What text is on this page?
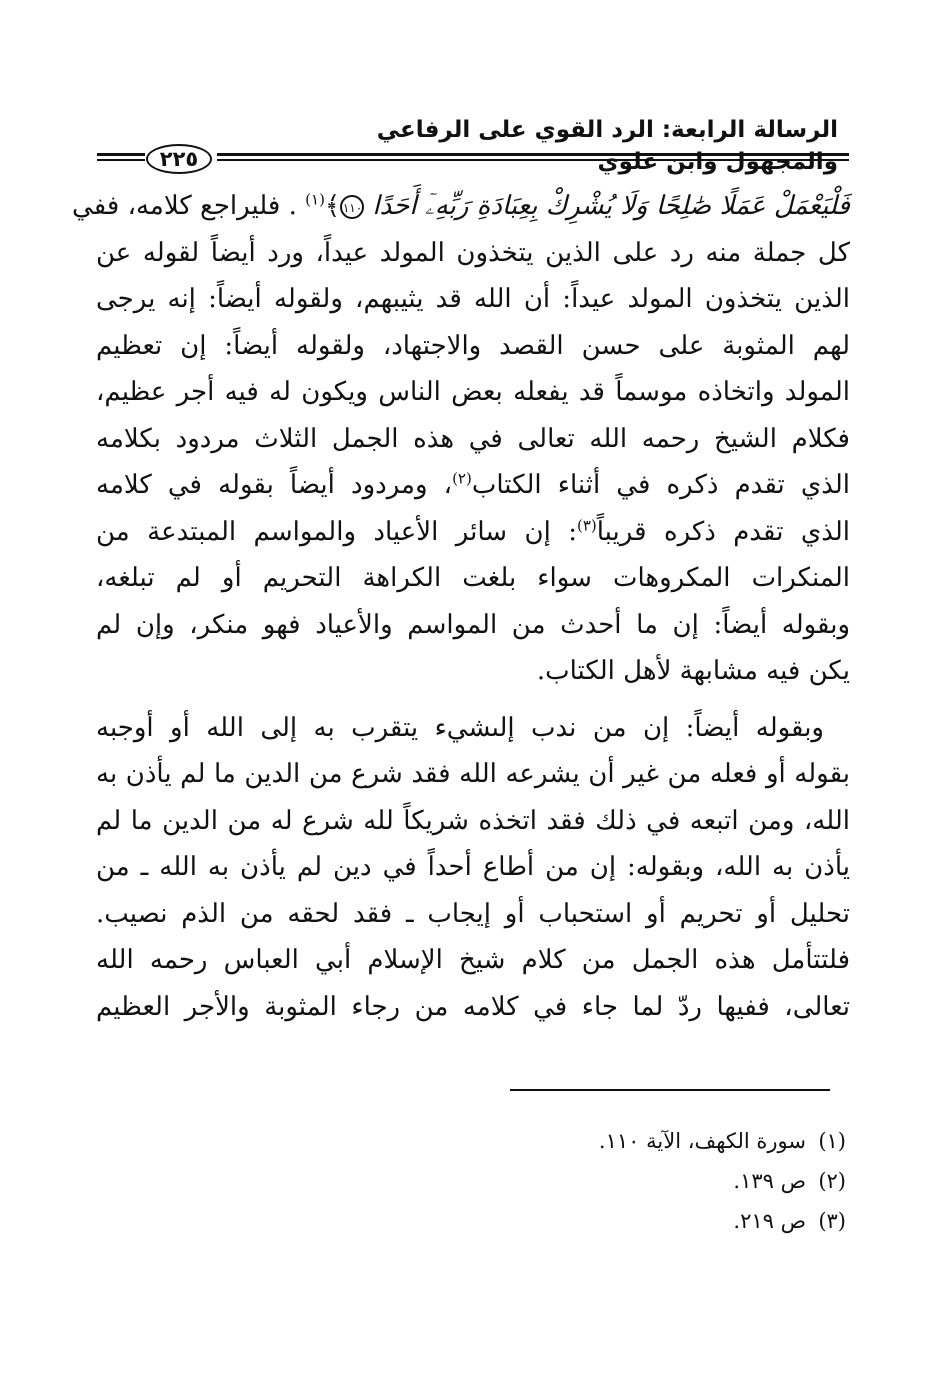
الرسالة الرابعة: الرد القوي على الرفاعي والمجهول وابن علوي
٢٢٥
فَلْيَعْمَلْ عَمَلًا صَٰلِحًا وَلَا يُشْرِكْ بِعِبَادَةِ رَبِّهِۦٓ أَحَدًا ١١٠﴾$^{(١)}$ . فليراجع كلامه، ففي
كل جملة منه رد على الذين يتخذون المولد عيداً، ورد أيضاً لقوله عن
الذين يتخذون المولد عيداً: أن الله قد يثيبهم، ولقوله أيضاً: إنه يرجى
لهم المثوبة على حسن القصد والاجتهاد، ولقوله أيضاً: إن تعظيم
المولد واتخاذه موسماً قد يفعله بعض الناس ويكون له فيه أجر عظيم،
فكلام الشيخ رحمه الله تعالى في هذه الجمل الثلاث مردود بكلامه
الذي تقدم ذكره في أثناء الكتاب$^{(٢)}$، ومردود أيضاً بقوله في كلامه
الذي تقدم ذكره قريباً$^{(٣)}$: إن سائر الأعياد والمواسم المبتدعة من
المنكرات المكروهات سواء بلغت الكراهة التحريم أو لم تبلغه،
وبقوله أيضاً: إن ما أحدث من المواسم والأعياد فهو منكر، وإن لم
يكن فيه مشابهة لأهل الكتاب.
وبقوله أيضاً: إن من ندب إلىشيء يتقرب به إلى الله أو أوجبه
بقوله أو فعله من غير أن يشرعه الله فقد شرع من الدين ما لم يأذن به
الله، ومن اتبعه في ذلك فقد اتخذه شريكاً لله شرع له من الدين ما لم
يأذن به الله، وبقوله: إن من أطاع أحداً في دين لم يأذن به الله ـ من
تحليل أو تحريم أو استحباب أو إيجاب ـ فقد لحقه من الذم نصيب.
فلتتأمل هذه الجمل من كلام شيخ الإسلام أبي العباس رحمه الله
تعالى، ففيها ردّ لما جاء في كلامه من رجاء المثوبة والأجر العظيم
(١)سورة الكهف، الآية ١١٠.
(٢)ص ١٣٩.
(٣)ص ٢١٩.
